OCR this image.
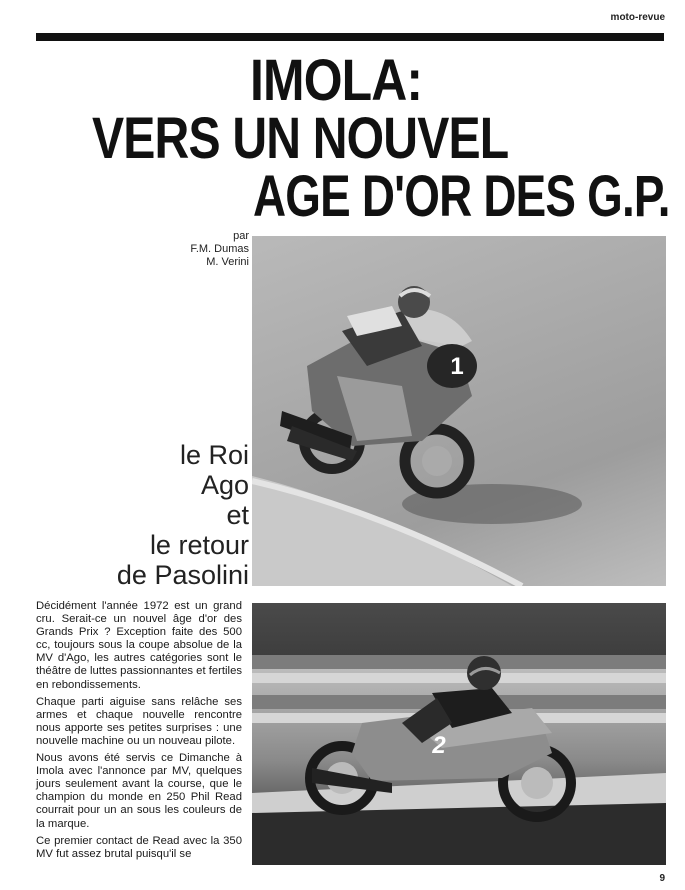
moto-revue
IMOLA:
VERS UN NOUVEL
AGE D'OR DES G.P.
par
F.M. Dumas
M. Verini
le Roi
Ago
et
le retour
de Pasolini
1
2

Décidément l'année 1972 est un grand cru. Serait-ce un nouvel âge d'or des Grands Prix ? Exception faite des 500 cc, toujours sous la coupe absolue de la MV d'Ago, les autres catégories sont le théâtre de luttes passionnantes et fertiles en rebondissements.

Chaque parti aiguise sans relâche ses armes et chaque nouvelle rencontre nous apporte ses petites surprises : une nouvelle machine ou un nouveau pilote.

Nous avons été servis ce Dimanche à Imola avec l'annonce par MV, quelques jours seulement avant la course, que le champion du monde en 250 Phil Read courrait pour un an sous les couleurs de la marque.

Ce premier contact de Read avec la 350 MV fut assez brutal puisqu'il se

9
